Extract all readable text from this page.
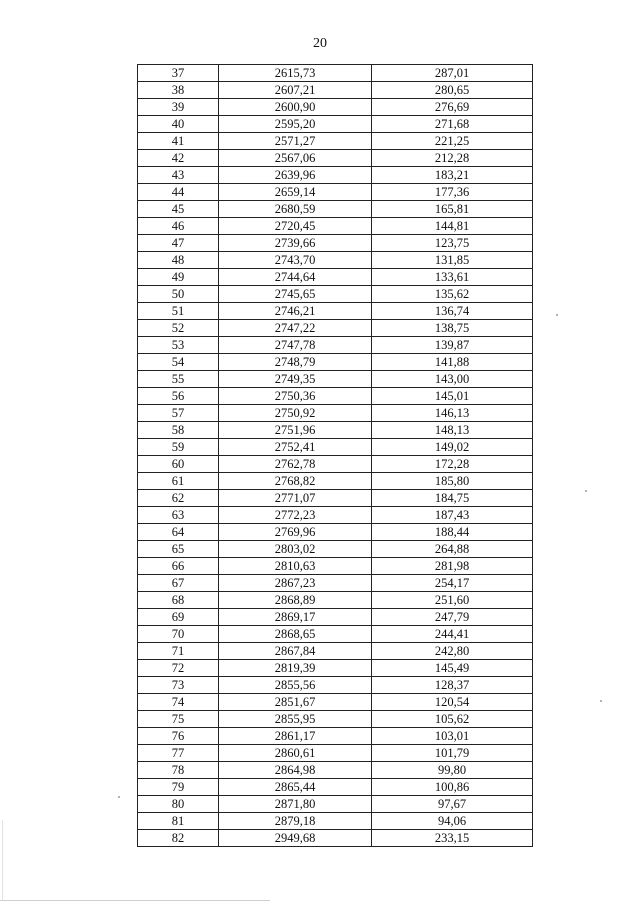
20
37	2615,73	287,01
38	2607,21	280,65
39	2600,90	276,69
40	2595,20	271,68
41	2571,27	221,25
42	2567,06	212,28
43	2639,96	183,21
44	2659,14	177,36
45	2680,59	165,81
46	2720,45	144,81
47	2739,66	123,75
48	2743,70	131,85
49	2744,64	133,61
50	2745,65	135,62
51	2746,21	136,74
52	2747,22	138,75
53	2747,78	139,87
54	2748,79	141,88
55	2749,35	143,00
56	2750,36	145,01
57	2750,92	146,13
58	2751,96	148,13
59	2752,41	149,02
60	2762,78	172,28
61	2768,82	185,80
62	2771,07	184,75
63	2772,23	187,43
64	2769,96	188,44
65	2803,02	264,88
66	2810,63	281,98
67	2867,23	254,17
68	2868,89	251,60
69	2869,17	247,79
70	2868,65	244,41
71	2867,84	242,80
72	2819,39	145,49
73	2855,56	128,37
74	2851,67	120,54
75	2855,95	105,62
76	2861,17	103,01
77	2860,61	101,79
78	2864,98	99,80
79	2865,44	100,86
80	2871,80	97,67
81	2879,18	94,06
82	2949,68	233,15
